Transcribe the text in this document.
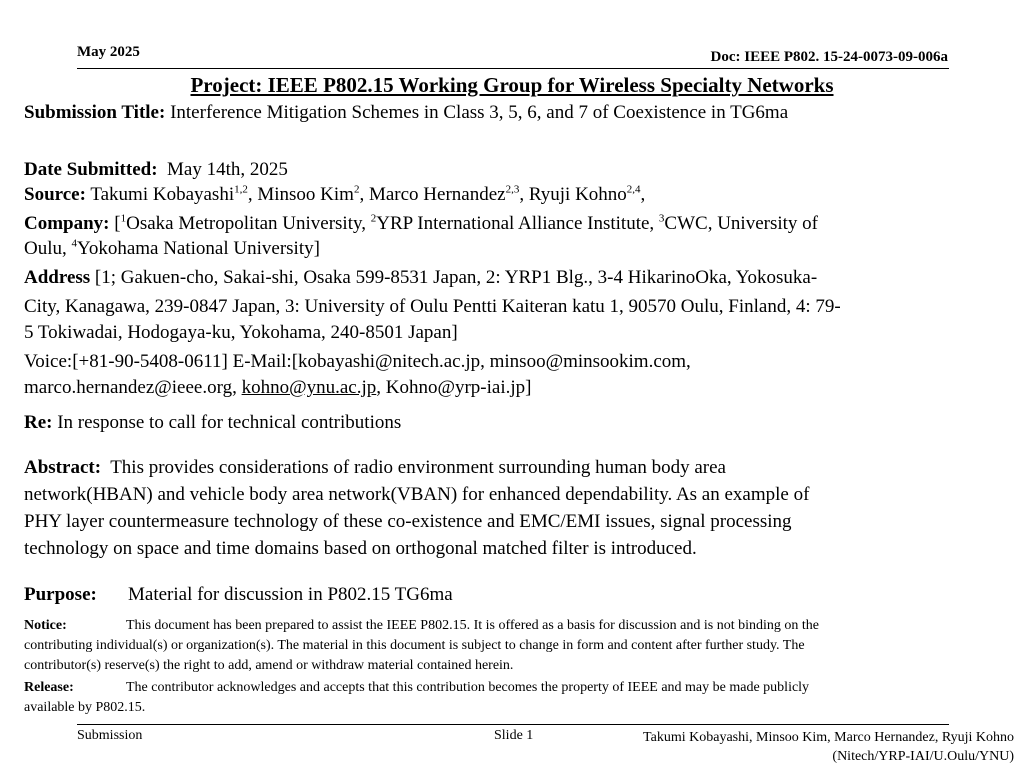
May 2025	Doc: IEEE P802. 15-24-0073-09-006a
Project: IEEE P802.15 Working Group for Wireless Specialty Networks
Submission Title: Interference Mitigation Schemes in Class 3, 5, 6, and 7 of Coexistence in TG6ma
Date Submitted:  May 14th, 2025
Source: Takumi Kobayashi$^{1,2}$, Minsoo Kim$^2$, Marco Hernandez$^{2,3}$, Ryuji Kohno$^{2,4}$,
Company: [$^1$Osaka Metropolitan University, $^2$YRP International Alliance Institute, $^3$CWC, University of
Oulu, $^4$Yokohama National University]
Address [1; Gakuen-cho, Sakai-shi, Osaka 599-8531 Japan, 2: YRP1 Blg., 3-4 HikarinoOka, Yokosuka-
City, Kanagawa, 239-0847 Japan, 3: University of Oulu Pentti Kaiteran katu 1, 90570 Oulu, Finland, 4: 79-
5 Tokiwadai, Hodogaya-ku, Yokohama, 240-8501 Japan]
Voice:[+81-90-5408-0611] E-Mail:[kobayashi@nitech.ac.jp, minsoo@minsookim.com,
marco.hernandez@ieee.org, kohno@ynu.ac.jp, Kohno@yrp-iai.jp]
Re: In response to call for technical contributions
Abstract:  This provides considerations of radio environment surrounding human body area
network(HBAN) and vehicle body area network(VBAN) for enhanced dependability. As an example of
PHY layer countermeasure technology of these co-existence and EMC/EMI issues, signal processing
technology on space and time domains based on orthogonal matched filter is introduced.
Purpose: Material for discussion in P802.15 TG6ma
Notice:	This document has been prepared to assist the IEEE P802.15. It is offered as a basis for discussion and is not binding on the
contributing individual(s) or organization(s). The material in this document is subject to change in form and content after further study. The
contributor(s) reserve(s) the right to add, amend or withdraw material contained herein.
Release:	The contributor acknowledges and accepts that this contribution becomes the property of IEEE and may be made publicly
available by P802.15.
Submission	Slide 1	Takumi Kobayashi, Minsoo Kim, Marco Hernandez, Ryuji Kohno
(Nitech/YRP-IAI/U.Oulu/YNU)
